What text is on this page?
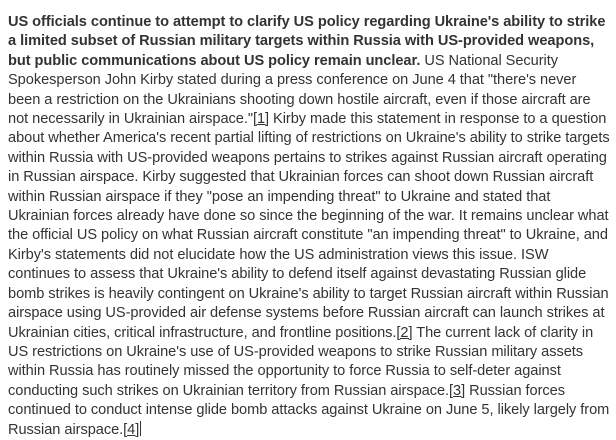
US officials continue to attempt to clarify US policy regarding Ukraine's ability to strike a limited subset of Russian military targets within Russia with US-provided weapons, but public communications about US policy remain unclear. US National Security Spokesperson John Kirby stated during a press conference on June 4 that "there's never been a restriction on the Ukrainians shooting down hostile aircraft, even if those aircraft are not necessarily in Ukrainian airspace."[1] Kirby made this statement in response to a question about whether America's recent partial lifting of restrictions on Ukraine's ability to strike targets within Russia with US-provided weapons pertains to strikes against Russian aircraft operating in Russian airspace. Kirby suggested that Ukrainian forces can shoot down Russian aircraft within Russian airspace if they "pose an impending threat" to Ukraine and stated that Ukrainian forces already have done so since the beginning of the war. It remains unclear what the official US policy on what Russian aircraft constitute "an impending threat" to Ukraine, and Kirby's statements did not elucidate how the US administration views this issue. ISW continues to assess that Ukraine's ability to defend itself against devastating Russian glide bomb strikes is heavily contingent on Ukraine's ability to target Russian aircraft within Russian airspace using US-provided air defense systems before Russian aircraft can launch strikes at Ukrainian cities, critical infrastructure, and frontline positions.[2] The current lack of clarity in US restrictions on Ukraine's use of US-provided weapons to strike Russian military assets within Russia has routinely missed the opportunity to force Russia to self-deter against conducting such strikes on Ukrainian territory from Russian airspace.[3] Russian forces continued to conduct intense glide bomb attacks against Ukraine on June 5, likely largely from Russian airspace.[4]
